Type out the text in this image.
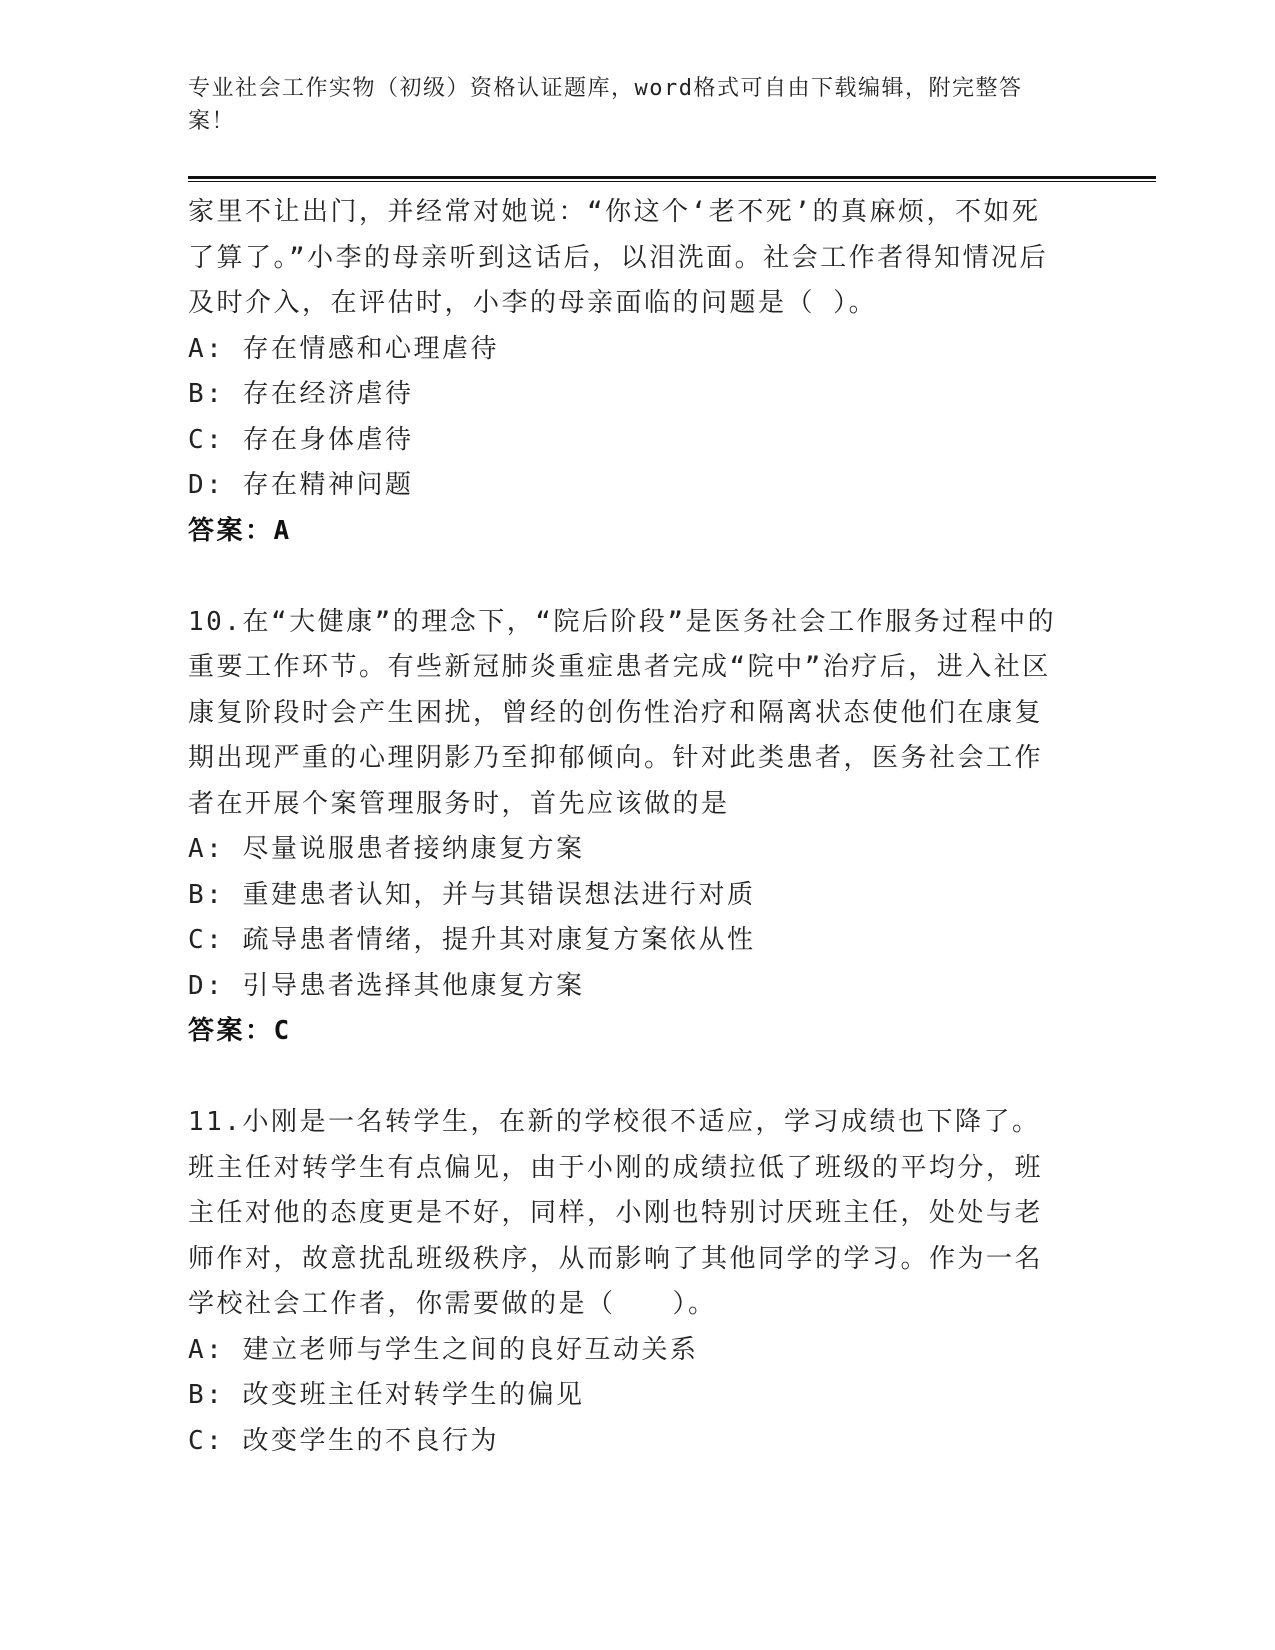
专业社会工作实物（初级）资格认证题库，word格式可自由下载编辑，附完整答案！

家里不让出门，并经常对她说：“你这个‘老不死’的真麻烦，不如死了算了。”小李的母亲听到这话后，以泪洗面。社会工作者得知情况后及时介入，在评估时，小李的母亲面临的问题是（ ）。

A: 存在情感和心理虐待

B: 存在经济虐待

C: 存在身体虐待

D: 存在精神问题

答案：A

10.在“大健康”的理念下，“院后阶段”是医务社会工作服务过程中的重要工作环节。有些新冠肺炎重症患者完成“院中”治疗后，进入社区康复阶段时会产生困扰，曾经的创伤性治疗和隔离状态使他们在康复期出现严重的心理阴影乃至抑郁倾向。针对此类患者，医务社会工作者在开展个案管理服务时，首先应该做的是

A: 尽量说服患者接纳康复方案

B: 重建患者认知，并与其错误想法进行对质

C: 疏导患者情绪，提升其对康复方案依从性

D: 引导患者选择其他康复方案

答案：C

11.小刚是一名转学生，在新的学校很不适应，学习成绩也下降了。班主任对转学生有点偏见，由于小刚的成绩拉低了班级的平均分，班主任对他的态度更是不好，同样，小刚也特别讨厌班主任，处处与老师作对，故意扰乱班级秩序，从而影响了其他同学的学习。作为一名学校社会工作者，你需要做的是（　　）。

A: 建立老师与学生之间的良好互动关系

B: 改变班主任对转学生的偏见

C: 改变学生的不良行为
